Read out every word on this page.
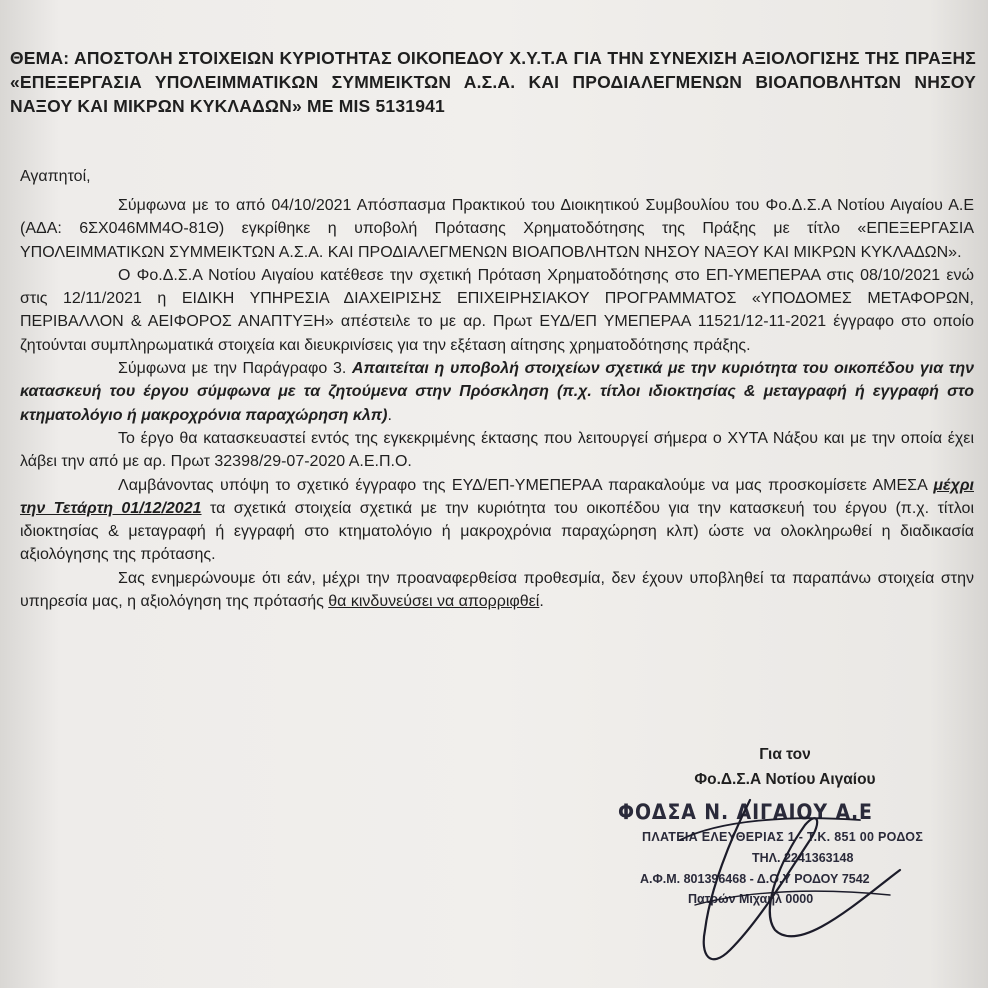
ΘΕΜΑ: ΑΠΟΣΤΟΛΗ ΣΤΟΙΧΕΙΩΝ ΚΥΡΙΟΤΗΤΑΣ ΟΙΚΟΠΕΔΟΥ Χ.Υ.Τ.Α ΓΙΑ ΤΗΝ ΣΥΝΕΧΙΣΗ ΑΞΙΟΛΟΓΙΣΗΣ ΤΗΣ ΠΡΑΞΗΣ «ΕΠΕΞΕΡΓΑΣΙΑ ΥΠΟΛΕΙΜΜΑΤΙΚΩΝ ΣΥΜΜΕΙΚΤΩΝ Α.Σ.Α. ΚΑΙ ΠΡΟΔΙΑΛΕΓΜΕΝΩΝ ΒΙΟΑΠΟΒΛΗΤΩΝ ΝΗΣΟΥ ΝΑΞΟΥ ΚΑΙ ΜΙΚΡΩΝ ΚΥΚΛΑΔΩΝ» ΜΕ MIS 5131941
Αγαπητοί,

Σύμφωνα με το από 04/10/2021 Απόσπασμα Πρακτικού του Διοικητικού Συμβουλίου του Φο.Δ.Σ.Α Νοτίου Αιγαίου Α.Ε (ΑΔΑ: 6ΣΧ046ΜΜ4Ο-81Θ) εγκρίθηκε η υποβολή Πρότασης Χρηματοδότησης της Πράξης με τίτλο «ΕΠΕΞΕΡΓΑΣΙΑ ΥΠΟΛΕΙΜΜΑΤΙΚΩΝ ΣΥΜΜΕΙΚΤΩΝ Α.Σ.Α. ΚΑΙ ΠΡΟΔΙΑΛΕΓΜΕΝΩΝ ΒΙΟΑΠΟΒΛΗΤΩΝ ΝΗΣΟΥ ΝΑΞΟΥ ΚΑΙ ΜΙΚΡΩΝ ΚΥΚΛΑΔΩΝ».

Ο Φο.Δ.Σ.Α Νοτίου Αιγαίου κατέθεσε την σχετική Πρόταση Χρηματοδότησης στο ΕΠ-ΥΜΕΠΕΡΑΑ στις 08/10/2021 ενώ στις 12/11/2021 η ΕΙΔΙΚΗ ΥΠΗΡΕΣΙΑ ΔΙΑΧΕΙΡΙΣΗΣ ΕΠΙΧΕΙΡΗΣΙΑΚΟΥ ΠΡΟΓΡΑΜΜΑΤΟΣ «ΥΠΟΔΟΜΕΣ ΜΕΤΑΦΟΡΩΝ, ΠΕΡΙΒΑΛΛΟΝ & ΑΕΙΦΟΡΟΣ ΑΝΑΠΤΥΞΗ» απέστειλε το με αρ. Πρωτ ΕΥΔ/ΕΠ ΥΜΕΠΕΡΑΑ 11521/12-11-2021 έγγραφο στο οποίο ζητούνται συμπληρωματικά στοιχεία και διευκρινίσεις για την εξέταση αίτησης χρηματοδότησης πράξης.

Σύμφωνα με την Παράγραφο 3. Απαιτείται η υποβολή στοιχείων σχετικά με την κυριότητα του οικοπέδου για την κατασκευή του έργου σύμφωνα με τα ζητούμενα στην Πρόσκληση (π.χ. τίτλοι ιδιοκτησίας & μεταγραφή ή εγγραφή στο κτηματολόγιο ή μακροχρόνια παραχώρηση κλπ).

Το έργο θα κατασκευαστεί εντός της εγκεκριμένης έκτασης που λειτουργεί σήμερα ο ΧΥΤΑ Νάξου και με την οποία έχει λάβει την από με αρ. Πρωτ 32398/29-07-2020 Α.Ε.Π.Ο.

Λαμβάνοντας υπόψη το σχετικό έγγραφο της ΕΥΔ/ΕΠ-ΥΜΕΠΕΡΑΑ παρακαλούμε να μας προσκομίσετε ΑΜΕΣΑ μέχρι την Τετάρτη 01/12/2021 τα σχετικά στοιχεία σχετικά με την κυριότητα του οικοπέδου για την κατασκευή του έργου (π.χ. τίτλοι ιδιοκτησίας & μεταγραφή ή εγγραφή στο κτηματολόγιο ή μακροχρόνια παραχώρηση κλπ) ώστε να ολοκληρωθεί η διαδικασία αξιολόγησης της πρότασης.

Σας ενημερώνουμε ότι εάν, μέχρι την προαναφερθείσα προθεσμία, δεν έχουν υποβληθεί τα παραπάνω στοιχεία στην υπηρεσία μας, η αξιολόγηση της πρότασής θα κινδυνεύσει να απορριφθεί.

Για τον
Φο.Δ.Σ.Α Νοτίου Αιγαίου
ΦΟΔΣΑ Ν. ΑΙΓΑΙΟΥ Α.Ε
ΠΛΑΤΕΙΑ ΕΛΕΥΘΕΡΙΑΣ 1 - Τ.Κ. 851 00 ΡΟΔΟΣ
ΤΗΛ. 2241363148
Α.Φ.Μ. 801396468 - Δ.Ο.Υ ΡΟΔΟΥ 7542
Πατρών Μιχαήλ 0000
